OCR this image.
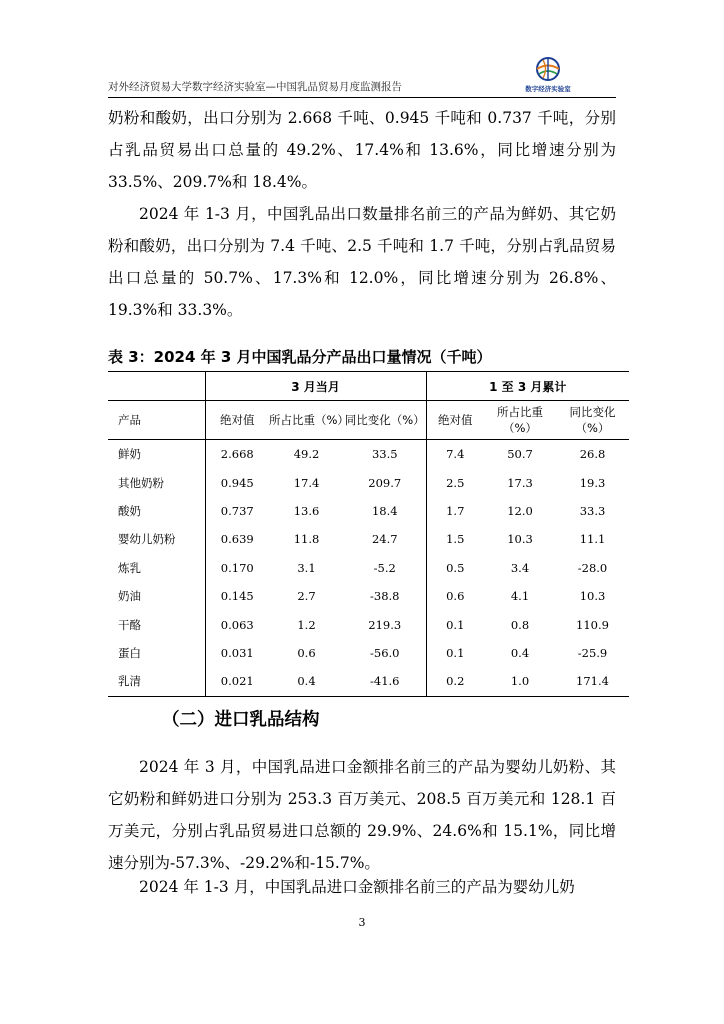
对外经济贸易大学数字经济实验室—中国乳品贸易月度监测报告	数字经济实验室
奶粉和酸奶，出口分别为 2.668 千吨、0.945 千吨和 0.737 千吨，分别占乳品贸易出口总量的 49.2%、17.4%和 13.6%，同比增速分别为 33.5%、209.7%和 18.4%。
2024 年 1-3 月，中国乳品出口数量排名前三的产品为鲜奶、其它奶粉和酸奶，出口分别为 7.4 千吨、2.5 千吨和 1.7 千吨，分别占乳品贸易出口总量的 50.7%、17.3%和 12.0%，同比增速分别为 26.8%、19.3%和 33.3%。
表 3：2024 年 3 月中国乳品分产品出口量情况（千吨）
	3 月当月			1 至 3 月累计		
产品	绝对值	所占比重（%）	同比变化（%）	绝对值	所占比重（%）	同比变化（%）
鲜奶	2.668	49.2	33.5	7.4	50.7	26.8
其他奶粉	0.945	17.4	209.7	2.5	17.3	19.3
酸奶	0.737	13.6	18.4	1.7	12.0	33.3
婴幼儿奶粉	0.639	11.8	24.7	1.5	10.3	11.1
炼乳	0.170	3.1	-5.2	0.5	3.4	-28.0
奶油	0.145	2.7	-38.8	0.6	4.1	10.3
干酪	0.063	1.2	219.3	0.1	0.8	110.9
蛋白	0.031	0.6	-56.0	0.1	0.4	-25.9
乳清	0.021	0.4	-41.6	0.2	1.0	171.4
（二）进口乳品结构
2024 年 3 月，中国乳品进口金额排名前三的产品为婴幼儿奶粉、其它奶粉和鲜奶进口分别为 253.3 百万美元、208.5 百万美元和 128.1 百万美元，分别占乳品贸易进口总额的 29.9%、24.6%和 15.1%，同比增速分别为-57.3%、-29.2%和-15.7%。
2024 年 1-3 月，中国乳品进口金额排名前三的产品为婴幼儿奶
3
